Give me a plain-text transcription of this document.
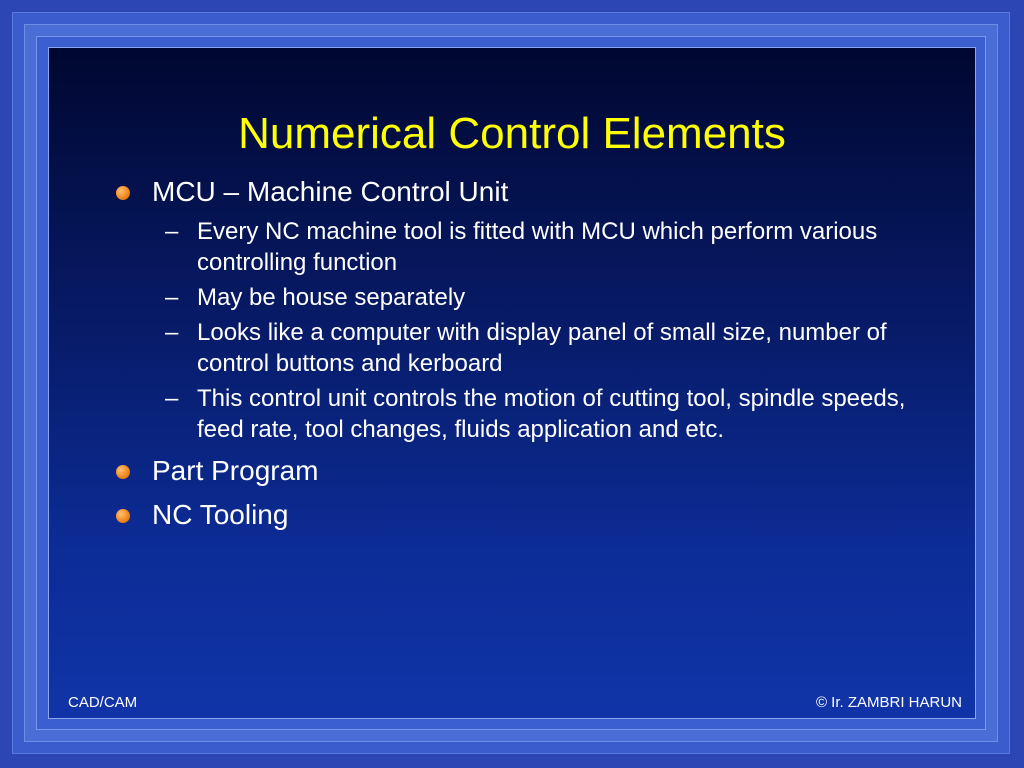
Numerical Control Elements
MCU – Machine Control Unit
– Every NC machine tool is fitted with MCU which perform various controlling function
– May be house separately
– Looks like a computer with display panel of small size, number of control buttons and kerboard
– This control unit controls the motion of cutting tool, spindle speeds, feed rate, tool changes, fluids application and etc.
Part Program
NC Tooling
CAD/CAM	© Ir. ZAMBRI HARUN
